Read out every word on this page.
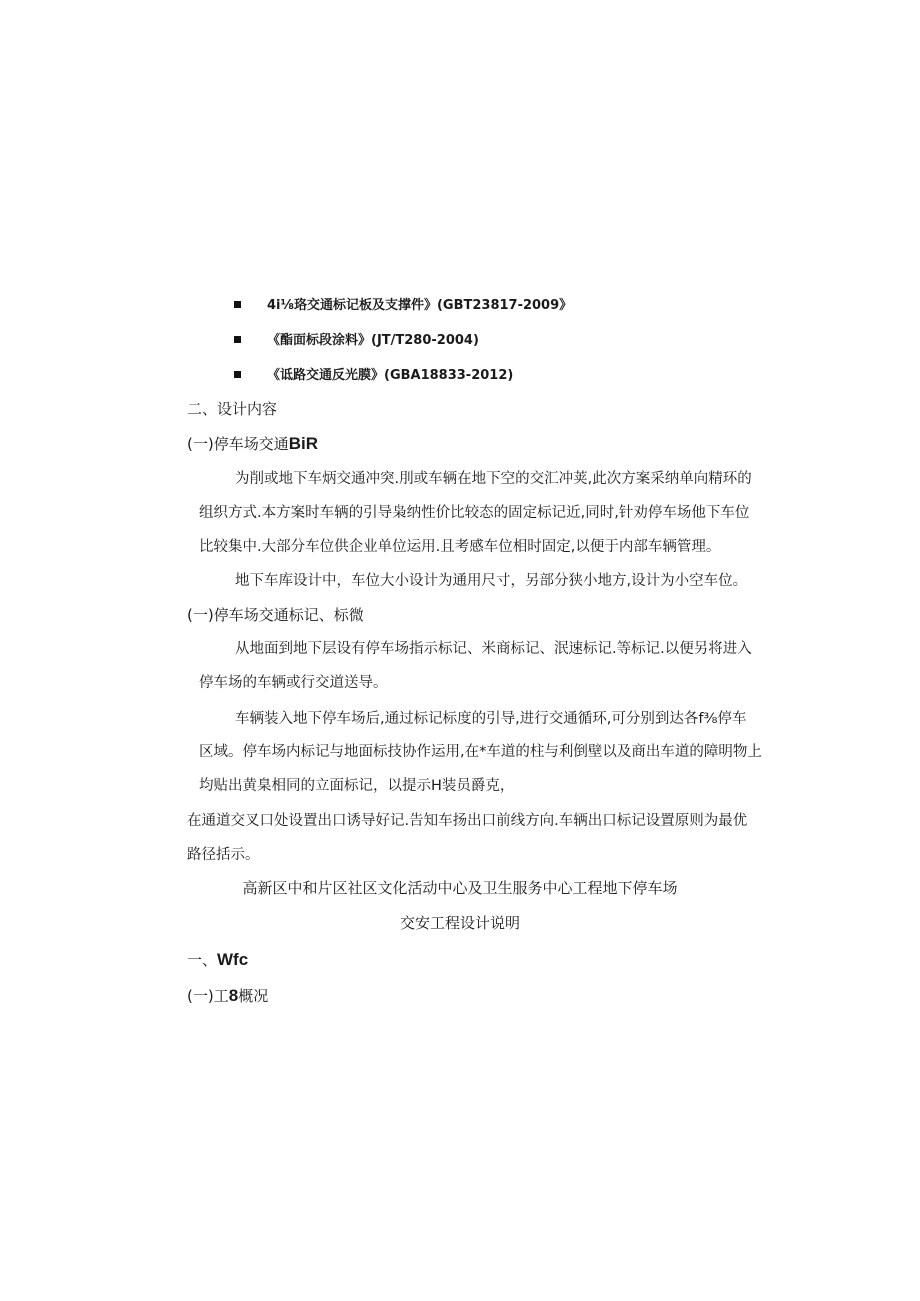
4i⅛珞交通标记板及支撑件》(GBT23817-2009》
《酯面标段涂料》(JT/T280-2004)
《诋路交通反光膜》(GBA18833-2012)
二、设计内容
(一)停车场交通BiR
为削或地下车炳交通冲突.刖或车辆在地下空的交汇冲荚,此次方案采纳单向精环的
组织方式.本方案时车辆的引导枭纳性价比较态的固定标记近,同时,针劝停车场他下车位
比较集中.大部分车位供企业单位运用.且考感车位相时固定,以便于内部车辆管理。
地下车库设计中，车位大小设计为通用尺寸，另部分狭小地方,设计为小空车位。
(一)停车场交通标记、标微
从地面到地下层设有停车场指示标记、米商标记、泯速标记.等标记.以便另将进入
停车场的车辆或行交道送导。
车辆装入地下停车场后,通过标记标度的引导,进行交通循环,可分别到达各f⅜停车
区域。停车场内标记与地面标技协作运用,在*车道的柱与利倒壁以及商出车道的障明物上
均贴出黄臬相同的立面标记，以提示H装员爵克，
在通道交叉口处设置出口诱导好记.告知车扬出口前线方向.车辆出口标记设置原则为最优
路径括示。
高新区中和片区社区文化活动中心及卫生服务中心工程地下停车场
交安工程设计说明
一、Wfc
(一)工8概况
